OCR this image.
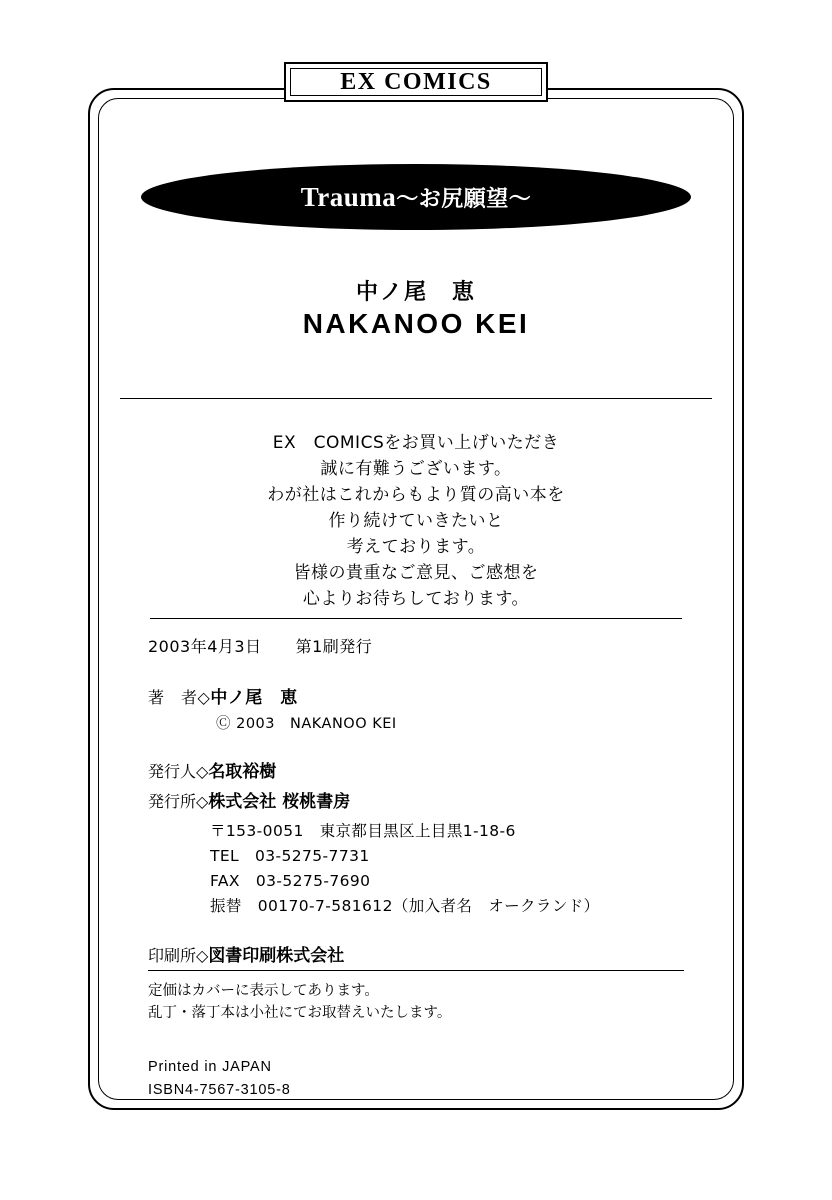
EX COMICS
Trauma〜お尻願望〜
中ノ尾　恵
NAKANOO KEI
EX　COMICSをお買い上げいただき
誠に有難うございます。
わが社はこれからもより質の高い本を
作り続けていきたいと
考えております。
皆様の貴重なご意見、ご感想を
心よりお待ちしております。
2003年4月3日 第1刷発行
著　者◇中ノ尾　恵
Ⓒ 2003　NAKANOO KEI
発行人◇名取裕樹
発行所◇株式会社 桜桃書房
〒153-0051　東京都目黒区上目黒1-18-6
TEL　03-5275-7731
FAX　03-5275-7690
振替　00170-7-581612（加入者名　オークランド）
印刷所◇図書印刷株式会社
定価はカバーに表示してあります。
乱丁・落丁本は小社にてお取替えいたします。
Printed in JAPAN
ISBN4-7567-3105-8
